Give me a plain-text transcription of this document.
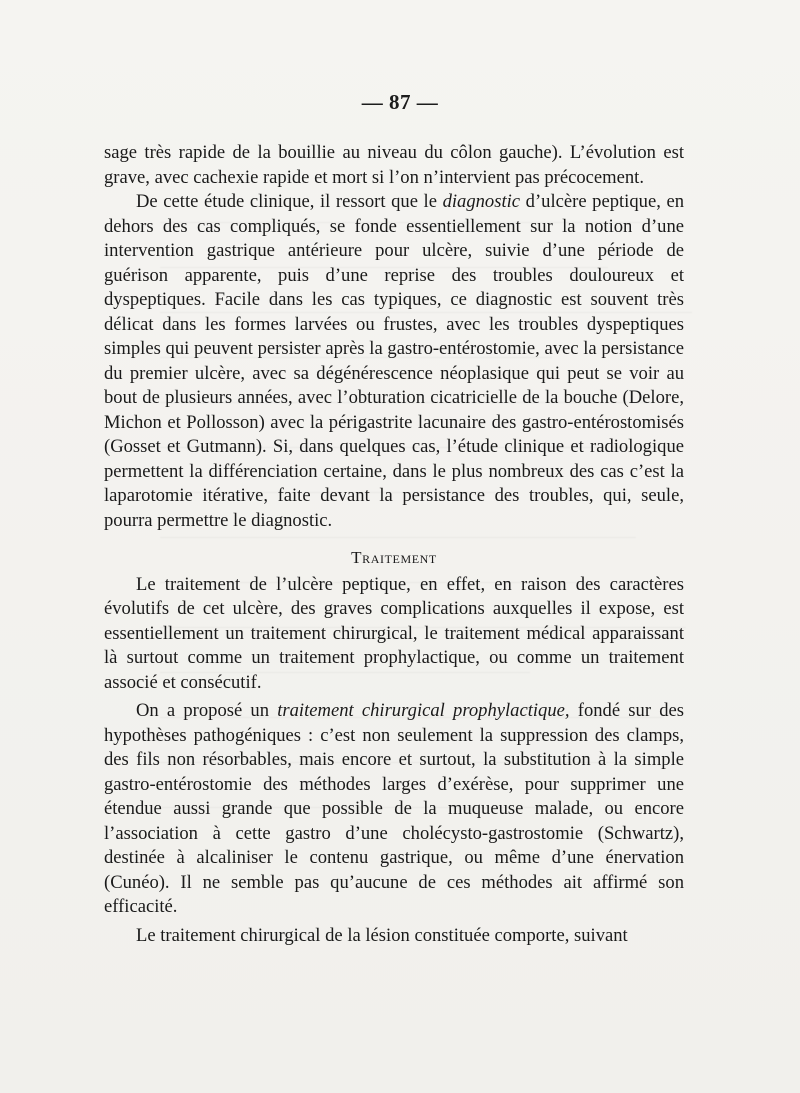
— 87 —

sage très rapide de la bouillie au niveau du côlon gauche). L’évolution est grave, avec cachexie rapide et mort si l’on n’intervient pas précocement.

De cette étude clinique, il ressort que le diagnostic d’ulcère peptique, en dehors des cas compliqués, se fonde essentiellement sur la notion d’une intervention gastrique antérieure pour ulcère, suivie d’une période de guérison apparente, puis d’une reprise des troubles douloureux et dyspeptiques. Facile dans les cas typiques, ce diagnostic est souvent très délicat dans les formes larvées ou frustes, avec les troubles dyspeptiques simples qui peuvent persister après la gastro-entérostomie, avec la persistance du premier ulcère, avec sa dégénérescence néoplasique qui peut se voir au bout de plusieurs années, avec l’obturation cicatricielle de la bouche (Delore, Michon et Pollosson) avec la périgastrite lacunaire des gastro-entérostomisés (Gosset et Gutmann). Si, dans quelques cas, l’étude clinique et radiologique permettent la différenciation certaine, dans le plus nombreux des cas c’est la laparotomie itérative, faite devant la persistance des troubles, qui, seule, pourra permettre le diagnostic.

Traitement

Le traitement de l’ulcère peptique, en effet, en raison des caractères évolutifs de cet ulcère, des graves complications auxquelles il expose, est essentiellement un traitement chirurgical, le traitement médical apparaissant là surtout comme un traitement prophylactique, ou comme un traitement associé et consécutif.

On a proposé un traitement chirurgical prophylactique, fondé sur des hypothèses pathogéniques : c’est non seulement la suppression des clamps, des fils non résorbables, mais encore et surtout, la substitution à la simple gastro-entérostomie des méthodes larges d’exérèse, pour supprimer une étendue aussi grande que possible de la muqueuse malade, ou encore l’association à cette gastro d’une cholécysto-gastrostomie (Schwartz), destinée à alcaliniser le contenu gastrique, ou même d’une énervation (Cunéo). Il ne semble pas qu’aucune de ces méthodes ait affirmé son efficacité.

Le traitement chirurgical de la lésion constituée comporte, suivant
